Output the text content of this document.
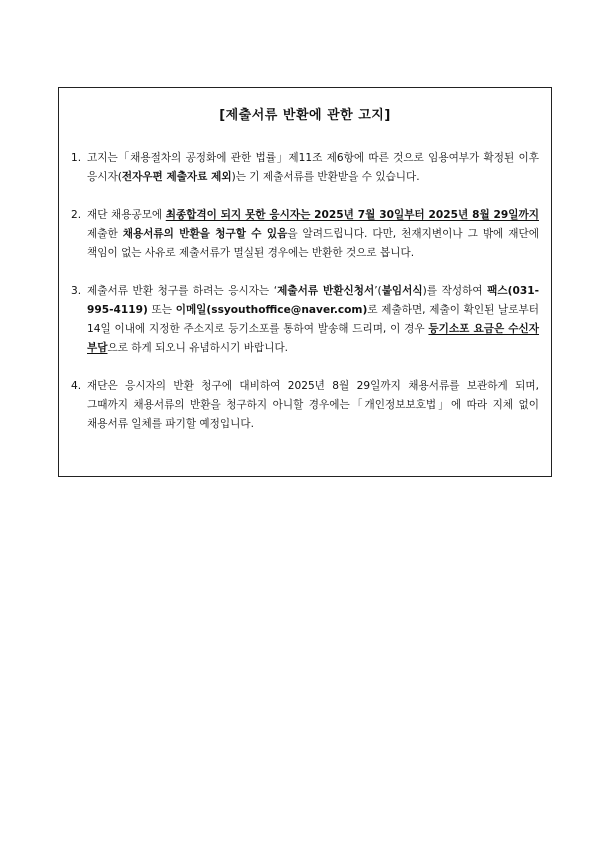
[제출서류 반환에 관한 고지]
1. 고지는「채용절차의 공정화에 관한 법률」제11조 제6항에 따른 것으로 임용여부가 확정된 이후 응시자(전자우편 제출자료 제외)는 기 제출서류를 반환받을 수 있습니다.
2. 재단 채용공모에 최종합격이 되지 못한 응시자는 2025년 7월 30일부터 2025년 8월 29일까지 제출한 채용서류의 반환을 청구할 수 있음을 알려드립니다. 다만, 천재지변이나 그 밖에 재단에 책임이 없는 사유로 제출서류가 멸실된 경우에는 반환한 것으로 봅니다.
3. 제출서류 반환 청구를 하려는 응시자는 ‘제출서류 반환신청서’(붙임서식)를 작성하여 팩스(031-995-4119) 또는 이메일(ssyouthoffice@naver.com)로 제출하면, 제출이 확인된 날로부터 14일 이내에 지정한 주소지로 등기소포를 통하여 발송해 드리며, 이 경우 등기소포 요금은 수신자 부담으로 하게 되오니 유념하시기 바랍니다.
4. 재단은 응시자의 반환 청구에 대비하여 2025년 8월 29일까지 채용서류를 보관하게 되며, 그때까지 채용서류의 반환을 청구하지 아니할 경우에는「개인정보보호법」에 따라 지체 없이 채용서류 일체를 파기할 예정입니다.
